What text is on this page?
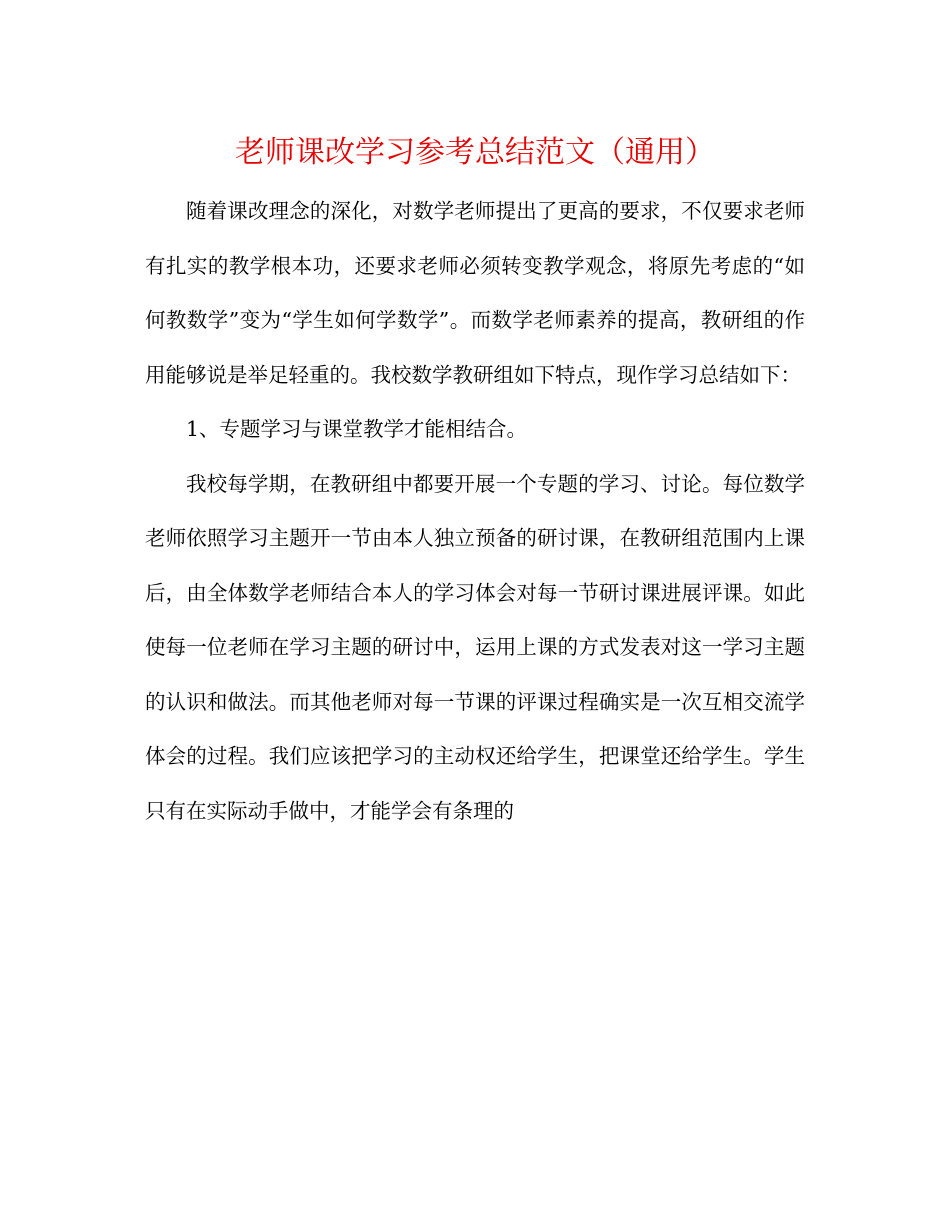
老师课改学习参考总结范文（通用）

随着课改理念的深化，对数学老师提出了更高的要求，不仅要求老师有扎实的教学根本功，还要求老师必须转变教学观念，将原先考虑的“如何教数学”变为“学生如何学数学”。而数学老师素养的提高，教研组的作用能够说是举足轻重的。我校数学教研组如下特点，现作学习总结如下：

1、专题学习与课堂教学才能相结合。

我校每学期，在教研组中都要开展一个专题的学习、讨论。每位数学老师依照学习主题开一节由本人独立预备的研讨课，在教研组范围内上课后，由全体数学老师结合本人的学习体会对每一节研讨课进展评课。如此使每一位老师在学习主题的研讨中，运用上课的方式发表对这一学习主题的认识和做法。而其他老师对每一节课的评课过程确实是一次互相交流学体会的过程。我们应该把学习的主动权还给学生，把课堂还给学生。学生只有在实际动手做中，才能学会有条理的
